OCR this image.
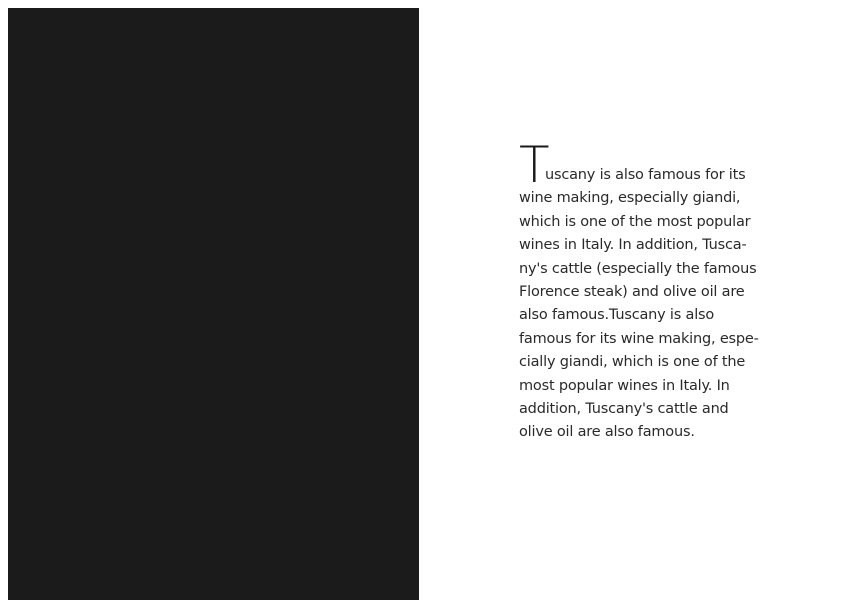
T
uscany is also famous for its
wine making, especially giandi,
which is one of the most popular
wines in Italy. In addition, Tusca-
ny's cattle (especially the famous
Florence steak) and olive oil are
also famous.Tuscany is also
famous for its wine making, espe-
cially giandi, which is one of the
most popular wines in Italy. In
addition, Tuscany's cattle and
olive oil are also famous.
